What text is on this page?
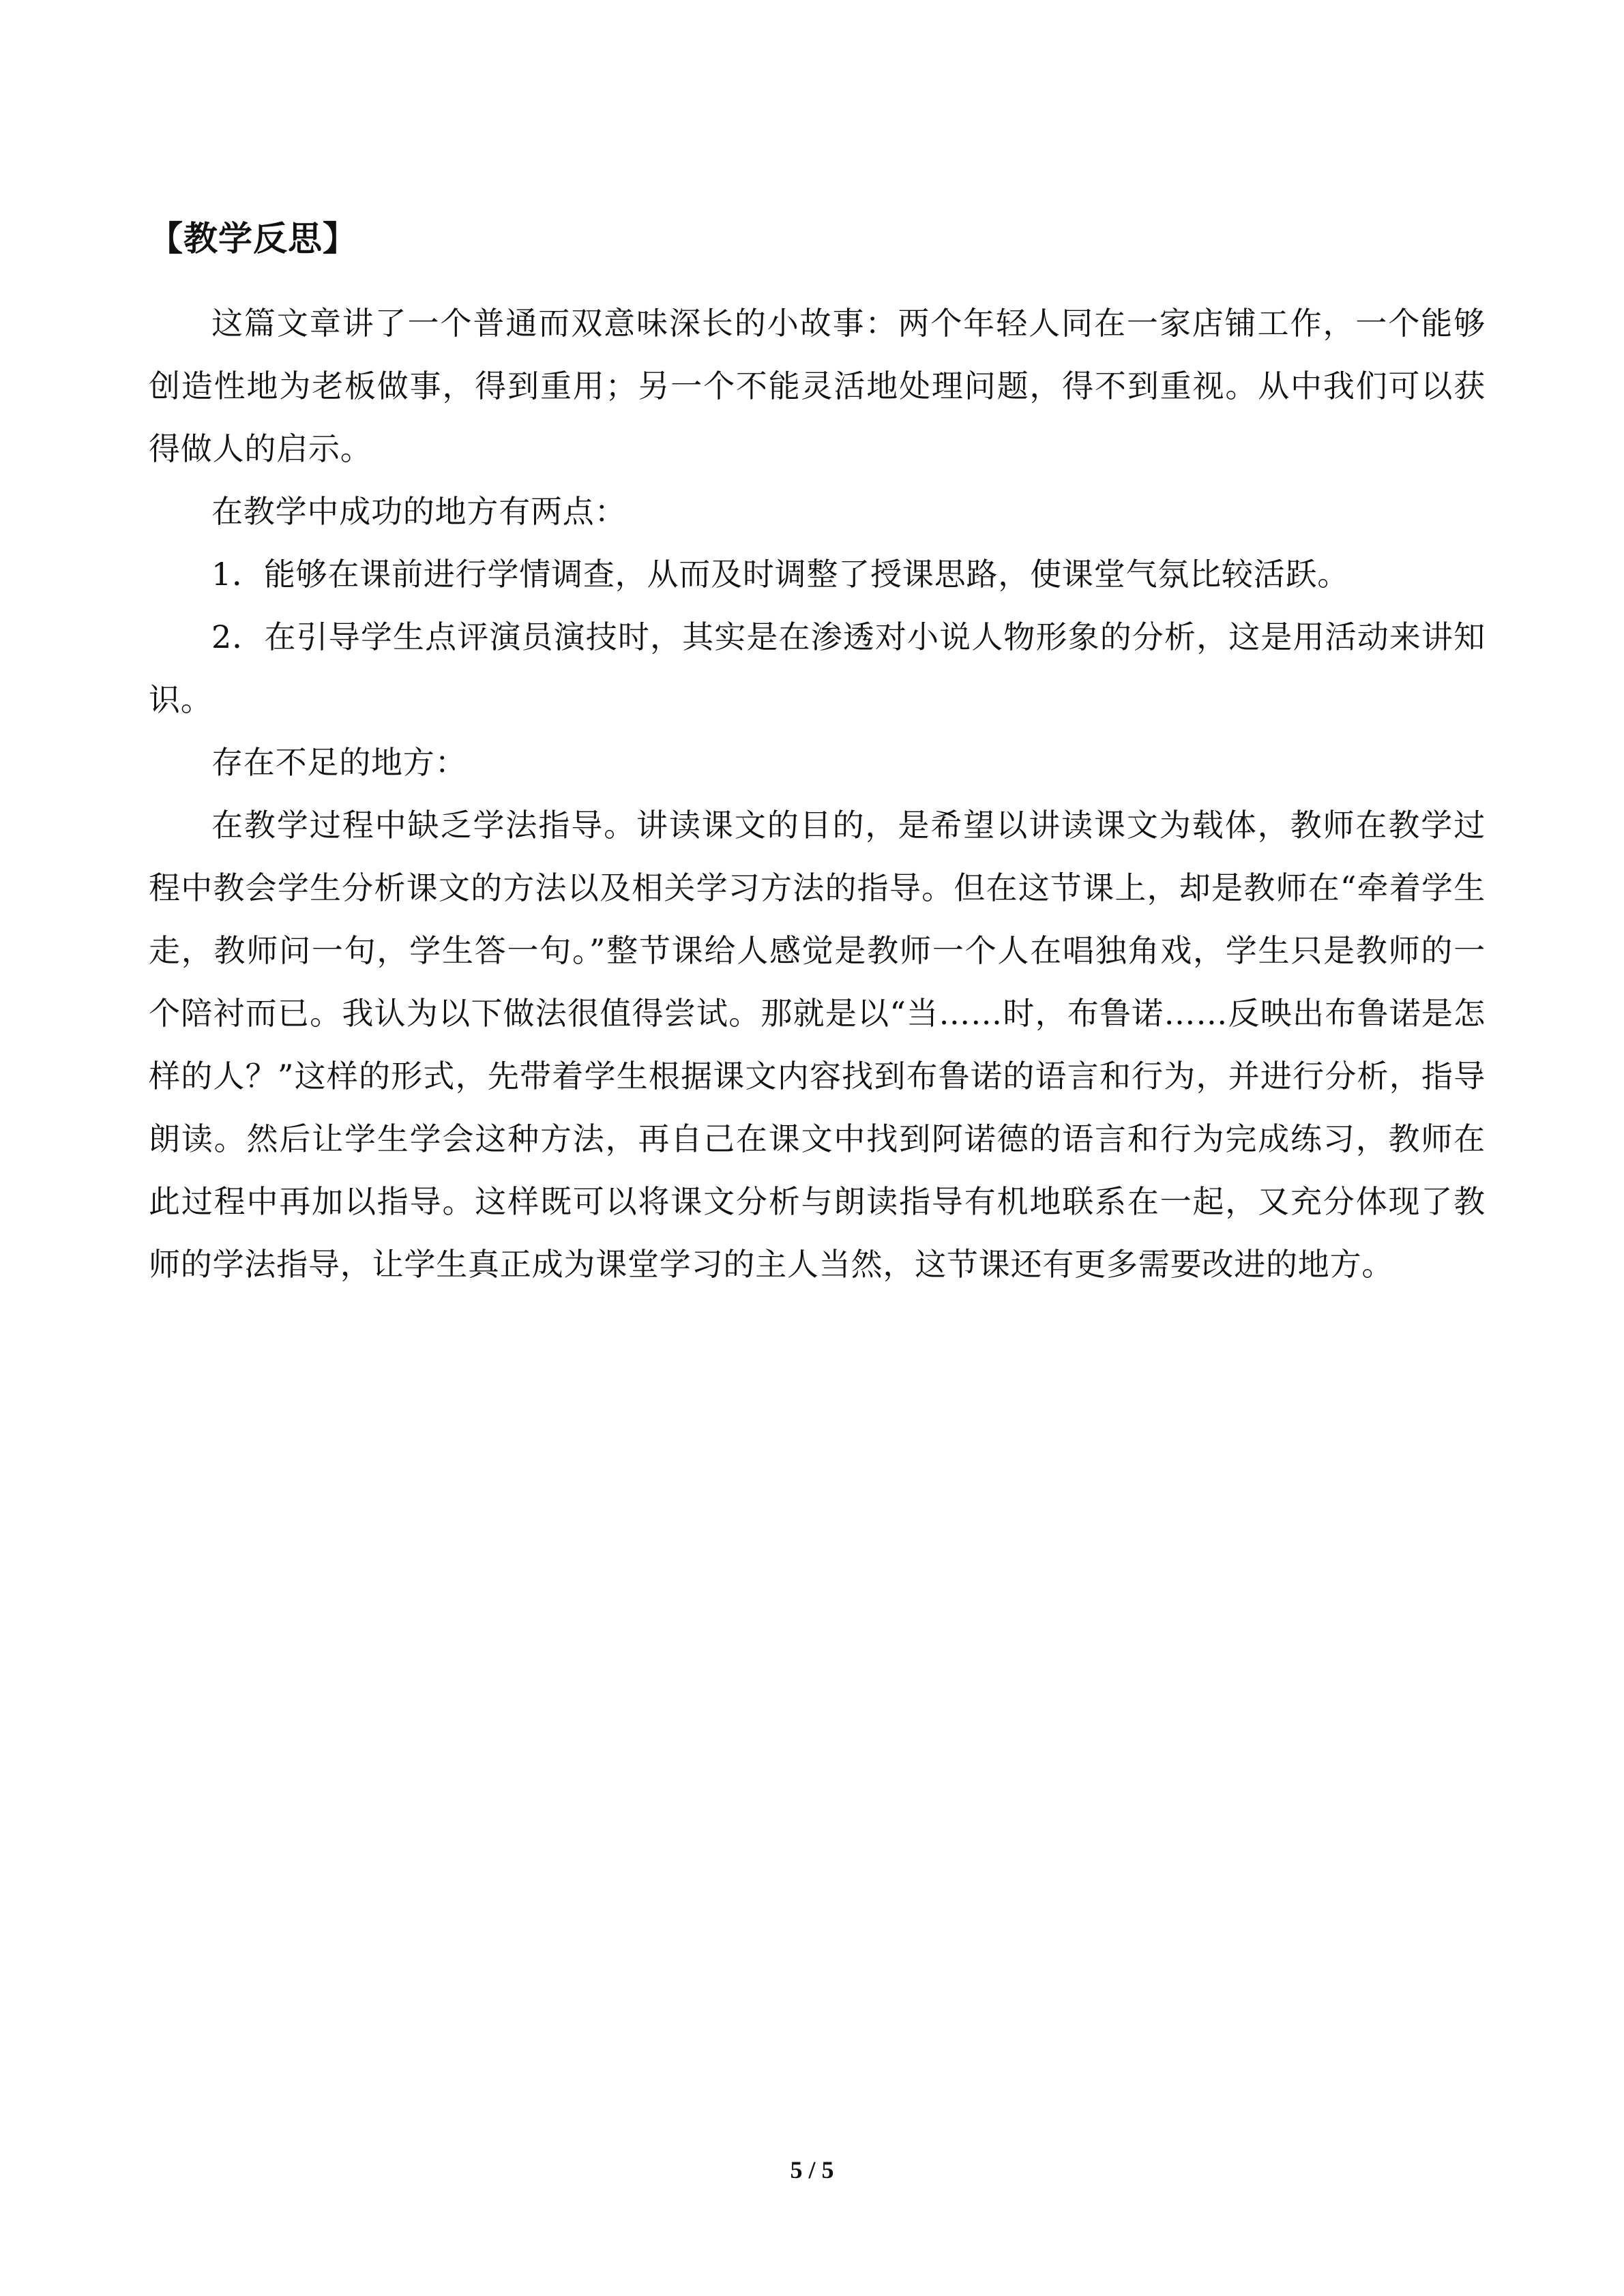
【教学反思】

这篇文章讲了一个普通而双意味深长的小故事：两个年轻人同在一家店铺工作，一个能够创造性地为老板做事，得到重用；另一个不能灵活地处理问题，得不到重视。从中我们可以获得做人的启示。

在教学中成功的地方有两点：

1．能够在课前进行学情调查，从而及时调整了授课思路，使课堂气氛比较活跃。

2．在引导学生点评演员演技时，其实是在渗透对小说人物形象的分析，这是用活动来讲知识。

存在不足的地方：

在教学过程中缺乏学法指导。讲读课文的目的，是希望以讲读课文为载体，教师在教学过程中教会学生分析课文的方法以及相关学习方法的指导。但在这节课上，却是教师在“牵着学生走，教师问一句，学生答一句。”整节课给人感觉是教师一个人在唱独角戏，学生只是教师的一个陪衬而已。我认为以下做法很值得尝试。那就是以“当……时，布鲁诺……反映出布鲁诺是怎样的人？”这样的形式，先带着学生根据课文内容找到布鲁诺的语言和行为，并进行分析，指导朗读。然后让学生学会这种方法，再自己在课文中找到阿诺德的语言和行为完成练习，教师在此过程中再加以指导。这样既可以将课文分析与朗读指导有机地联系在一起，又充分体现了教师的学法指导，让学生真正成为课堂学习的主人当然，这节课还有更多需要改进的地方。

5 / 5
